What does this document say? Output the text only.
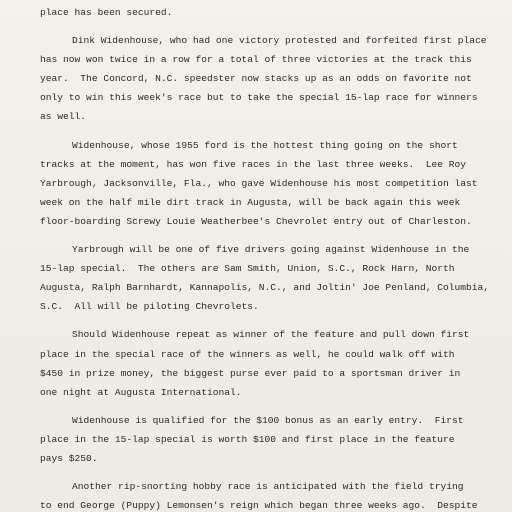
place has been secured.
Dink Widenhouse, who had one victory protested and forfeited first place
has now won twice in a row for a total of three victories at the track this
year.  The Concord, N.C. speedster now stacks up as an odds on favorite not
only to win this week's race but to take the special 15-lap race for winners
as well.
Widenhouse, whose 1955 ford is the hottest thing going on the short
tracks at the moment, has won five races in the last three weeks.  Lee Roy
Yarbrough, Jacksonville, Fla., who gave Widenhouse his most competition last
week on the half mile dirt track in Augusta, will be back again this week
floor-boarding Screwy Louie Weatherbee's Chevrolet entry out of Charleston.
Yarbrough will be one of five drivers going against Widenhouse in the
15-lap special.  The others are Sam Smith, Union, S.C., Rock Harn, North
Augusta, Ralph Barnhardt, Kannapolis, N.C., and Joltin' Joe Penland, Columbia,
S.C.  All will be piloting Chevrolets.
Should Widenhouse repeat as winner of the feature and pull down first
place in the special race of the winners as well, he could walk off with
$450 in prize money, the biggest purse ever paid to a sportsman driver in
one night at Augusta International.
Widenhouse is qualified for the $100 bonus as an early entry.  First
place in the 15-lap special is worth $100 and first place in the feature
pays $250.
Another rip-snorting hobby race is anticipated with the field trying
to end George (Puppy) Lemonsen's reign which began three weeks ago.  Despite
